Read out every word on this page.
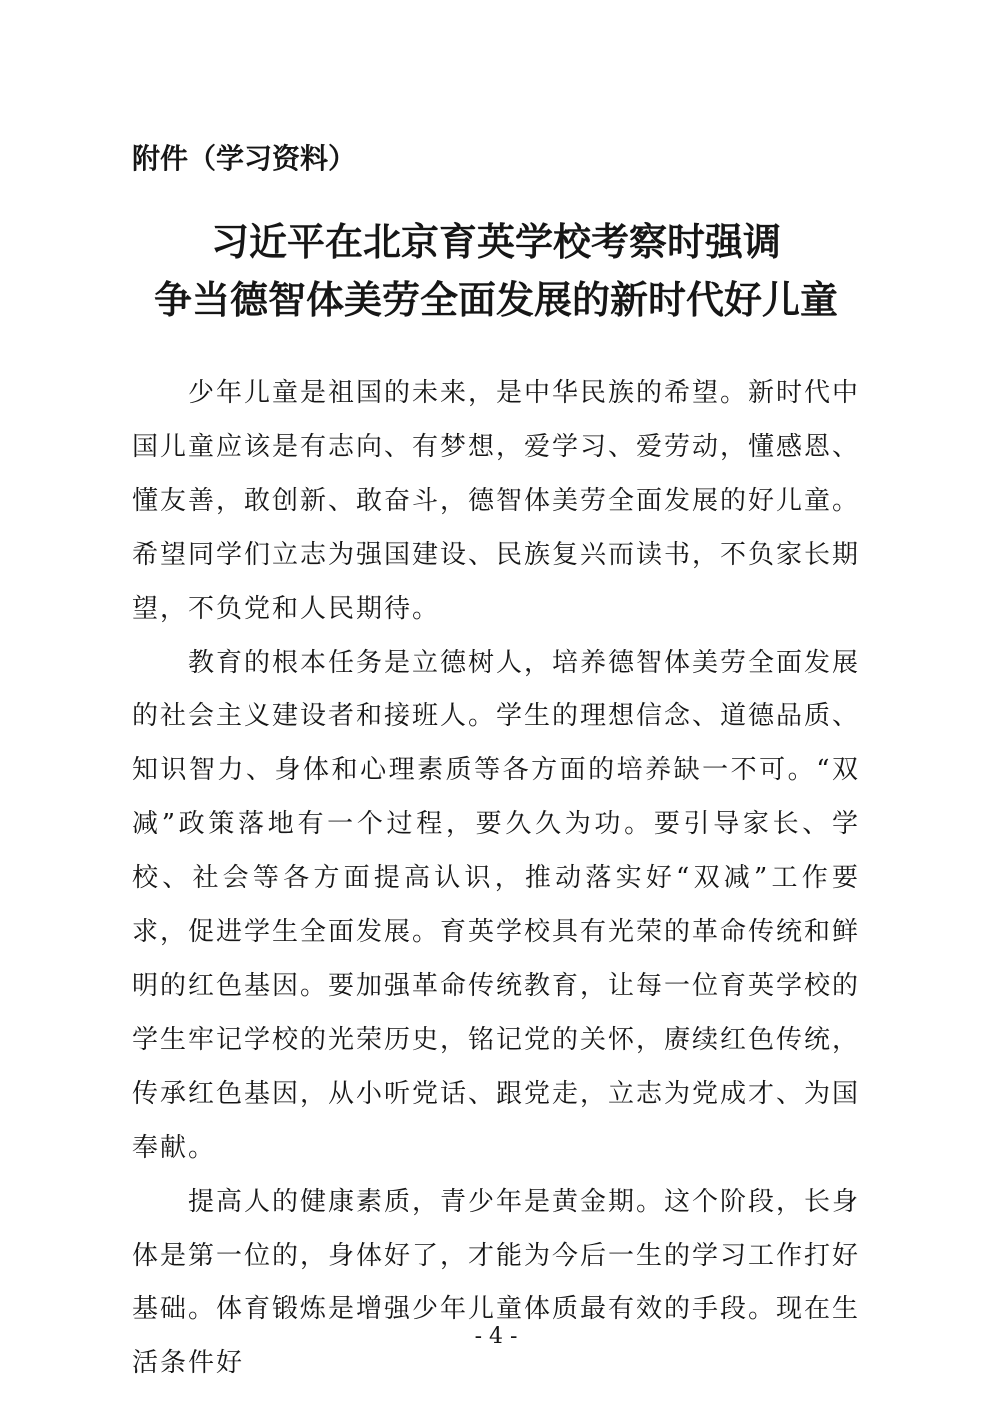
附件（学习资料）
习近平在北京育英学校考察时强调
争当德智体美劳全面发展的新时代好儿童

少年儿童是祖国的未来，是中华民族的希望。新时代中国儿童应该是有志向、有梦想，爱学习、爱劳动，懂感恩、懂友善，敢创新、敢奋斗，德智体美劳全面发展的好儿童。希望同学们立志为强国建设、民族复兴而读书，不负家长期望，不负党和人民期待。

教育的根本任务是立德树人，培养德智体美劳全面发展的社会主义建设者和接班人。学生的理想信念、道德品质、知识智力、身体和心理素质等各方面的培养缺一不可。“双减”政策落地有一个过程，要久久为功。要引导家长、学校、社会等各方面提高认识，推动落实好“双减”工作要求，促进学生全面发展。育英学校具有光荣的革命传统和鲜明的红色基因。要加强革命传统教育，让每一位育英学校的学生牢记学校的光荣历史，铭记党的关怀，赓续红色传统，传承红色基因，从小听党话、跟党走，立志为党成才、为国奉献。

提高人的健康素质，青少年是黄金期。这个阶段，长身体是第一位的，身体好了，才能为今后一生的学习工作打好基础。体育锻炼是增强少年儿童体质最有效的手段。现在生活条件好

- 4 -
